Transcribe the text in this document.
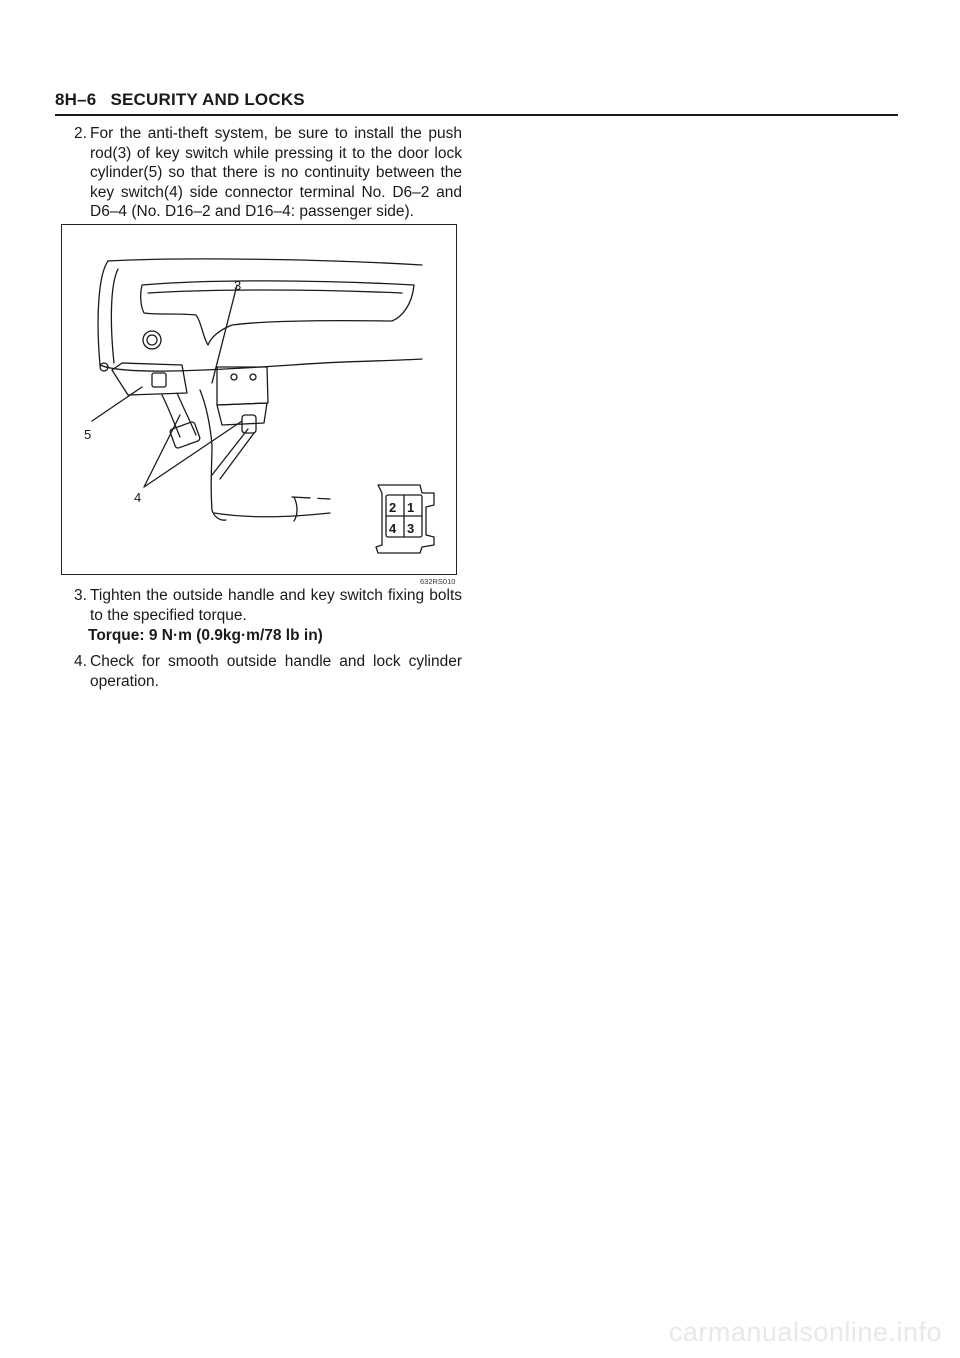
8H–6 SECURITY AND LOCKS
2. For the anti-theft system, be sure to install the push rod(3) of key switch while pressing it to the door lock cylinder(5) so that there is no continuity between the key switch(4) side connector terminal No. D6–2 and D6–4 (No. D16–2 and D16–4: passenger side).
3
5
4
2 1
4 3
632RS010
3. Tighten the outside handle and key switch fixing bolts to the specified torque.
Torque: 9 N·m (0.9kg·m/78 lb in)
4. Check for smooth outside handle and lock cylinder operation.
carmanualsonline.info
